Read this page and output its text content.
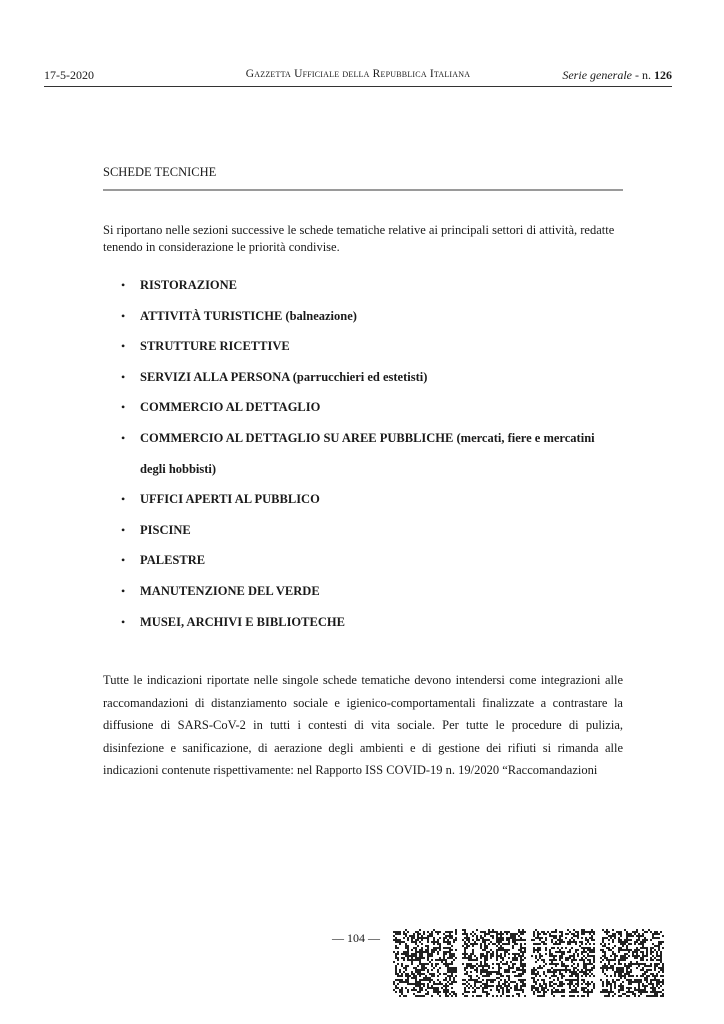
17-5-2020	Gazzetta Ufficiale della Repubblica Italiana	Serie generale - n. 126
SCHEDE TECNICHE
Si riportano nelle sezioni successive le schede tematiche relative ai principali settori di attività, redatte tenendo in considerazione le priorità condivise.
• RISTORAZIONE
• ATTIVITÀ TURISTICHE (balneazione)
• STRUTTURE RICETTIVE
• SERVIZI ALLA PERSONA (parrucchieri ed estetisti)
• COMMERCIO AL DETTAGLIO
• COMMERCIO AL DETTAGLIO SU AREE PUBBLICHE (mercati, fiere e mercatini degli hobbisti)
• UFFICI APERTI AL PUBBLICO
• PISCINE
• PALESTRE
• MANUTENZIONE DEL VERDE
• MUSEI, ARCHIVI E BIBLIOTECHE

Tutte le indicazioni riportate nelle singole schede tematiche devono intendersi come integrazioni alle raccomandazioni di distanziamento sociale e igienico-comportamentali finalizzate a contrastare la diffusione di SARS-CoV-2 in tutti i contesti di vita sociale. Per tutte le procedure di pulizia, disinfezione e sanificazione, di aerazione degli ambienti e di gestione dei rifiuti si rimanda alle indicazioni contenute rispettivamente: nel Rapporto ISS COVID-19 n. 19/2020 “Raccomandazioni

— 104 —
